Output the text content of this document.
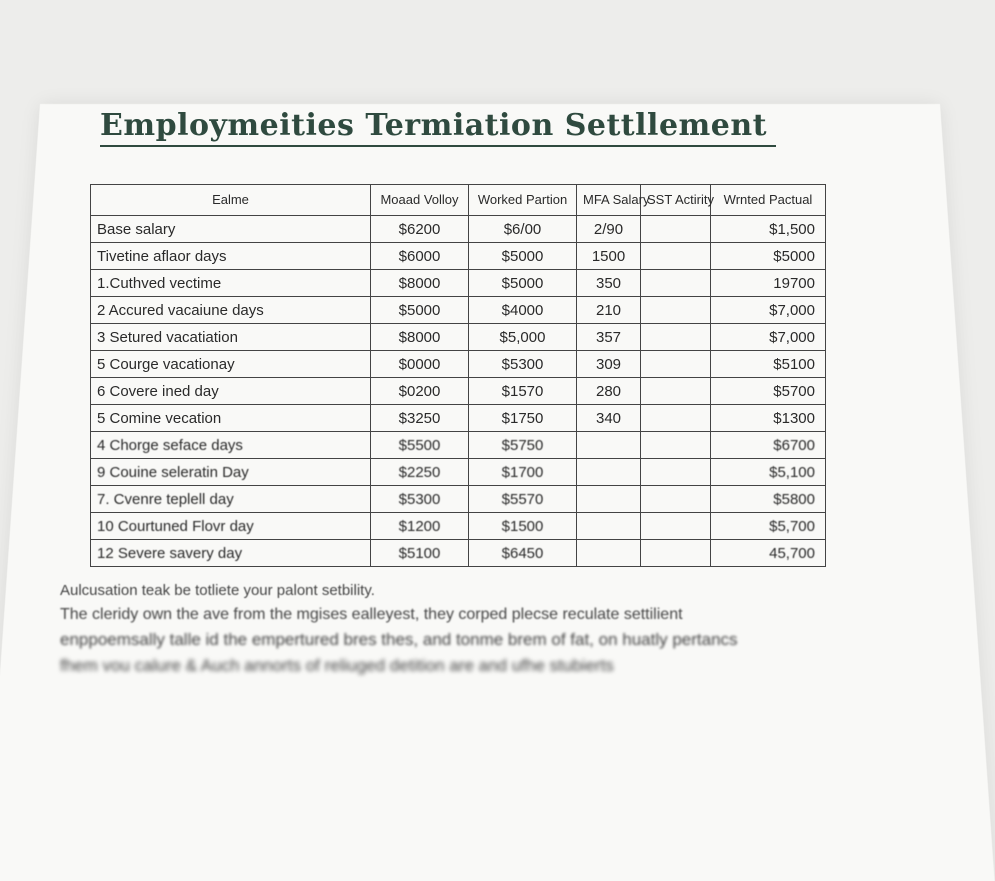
Employmeities Termiation Settllement
Ealme	Moaad Volloy	Worked Partion	MFA Salary	SST Actirity	Wrnted Pactual
Base salary	$6200	$6/00	2/90		$1,500
Tivetine aflaor days	$6000	$5000	1500		$5000
1.Cuthved vectime	$8000	$5000	350		19700
2 Accured vacaiune days	$5000	$4000	210		$7,000
3 Setured vacatiation	$8000	$5,000	357		$7,000
5 Courge vacationay	$0000	$5300	309		$5100
6 Covere ined day	$0200	$1570	280		$5700
5 Comine vecation	$3250	$1750	340		$1300
4 Chorge seface days	$5500	$5750			$6700
9 Couine seleratin Day	$2250	$1700			$5,100
7. Cvenre teplell day	$5300	$5570			$5800
10 Courtuned Flovr day	$1200	$1500			$5,700
12 Severe savery day	$5100	$6450			45,700
Aulcusation teak be totliete your palont setbility.
The cleridy own the ave from the mgises ealleyest, they corped plecse reculate settilient
enppoemsally talle id the empertured bres thes, and tonme brem of fat, on huatly pertancs
fhem vou calure & Auch annorts of reliuged detition are and ufhe stubierts
